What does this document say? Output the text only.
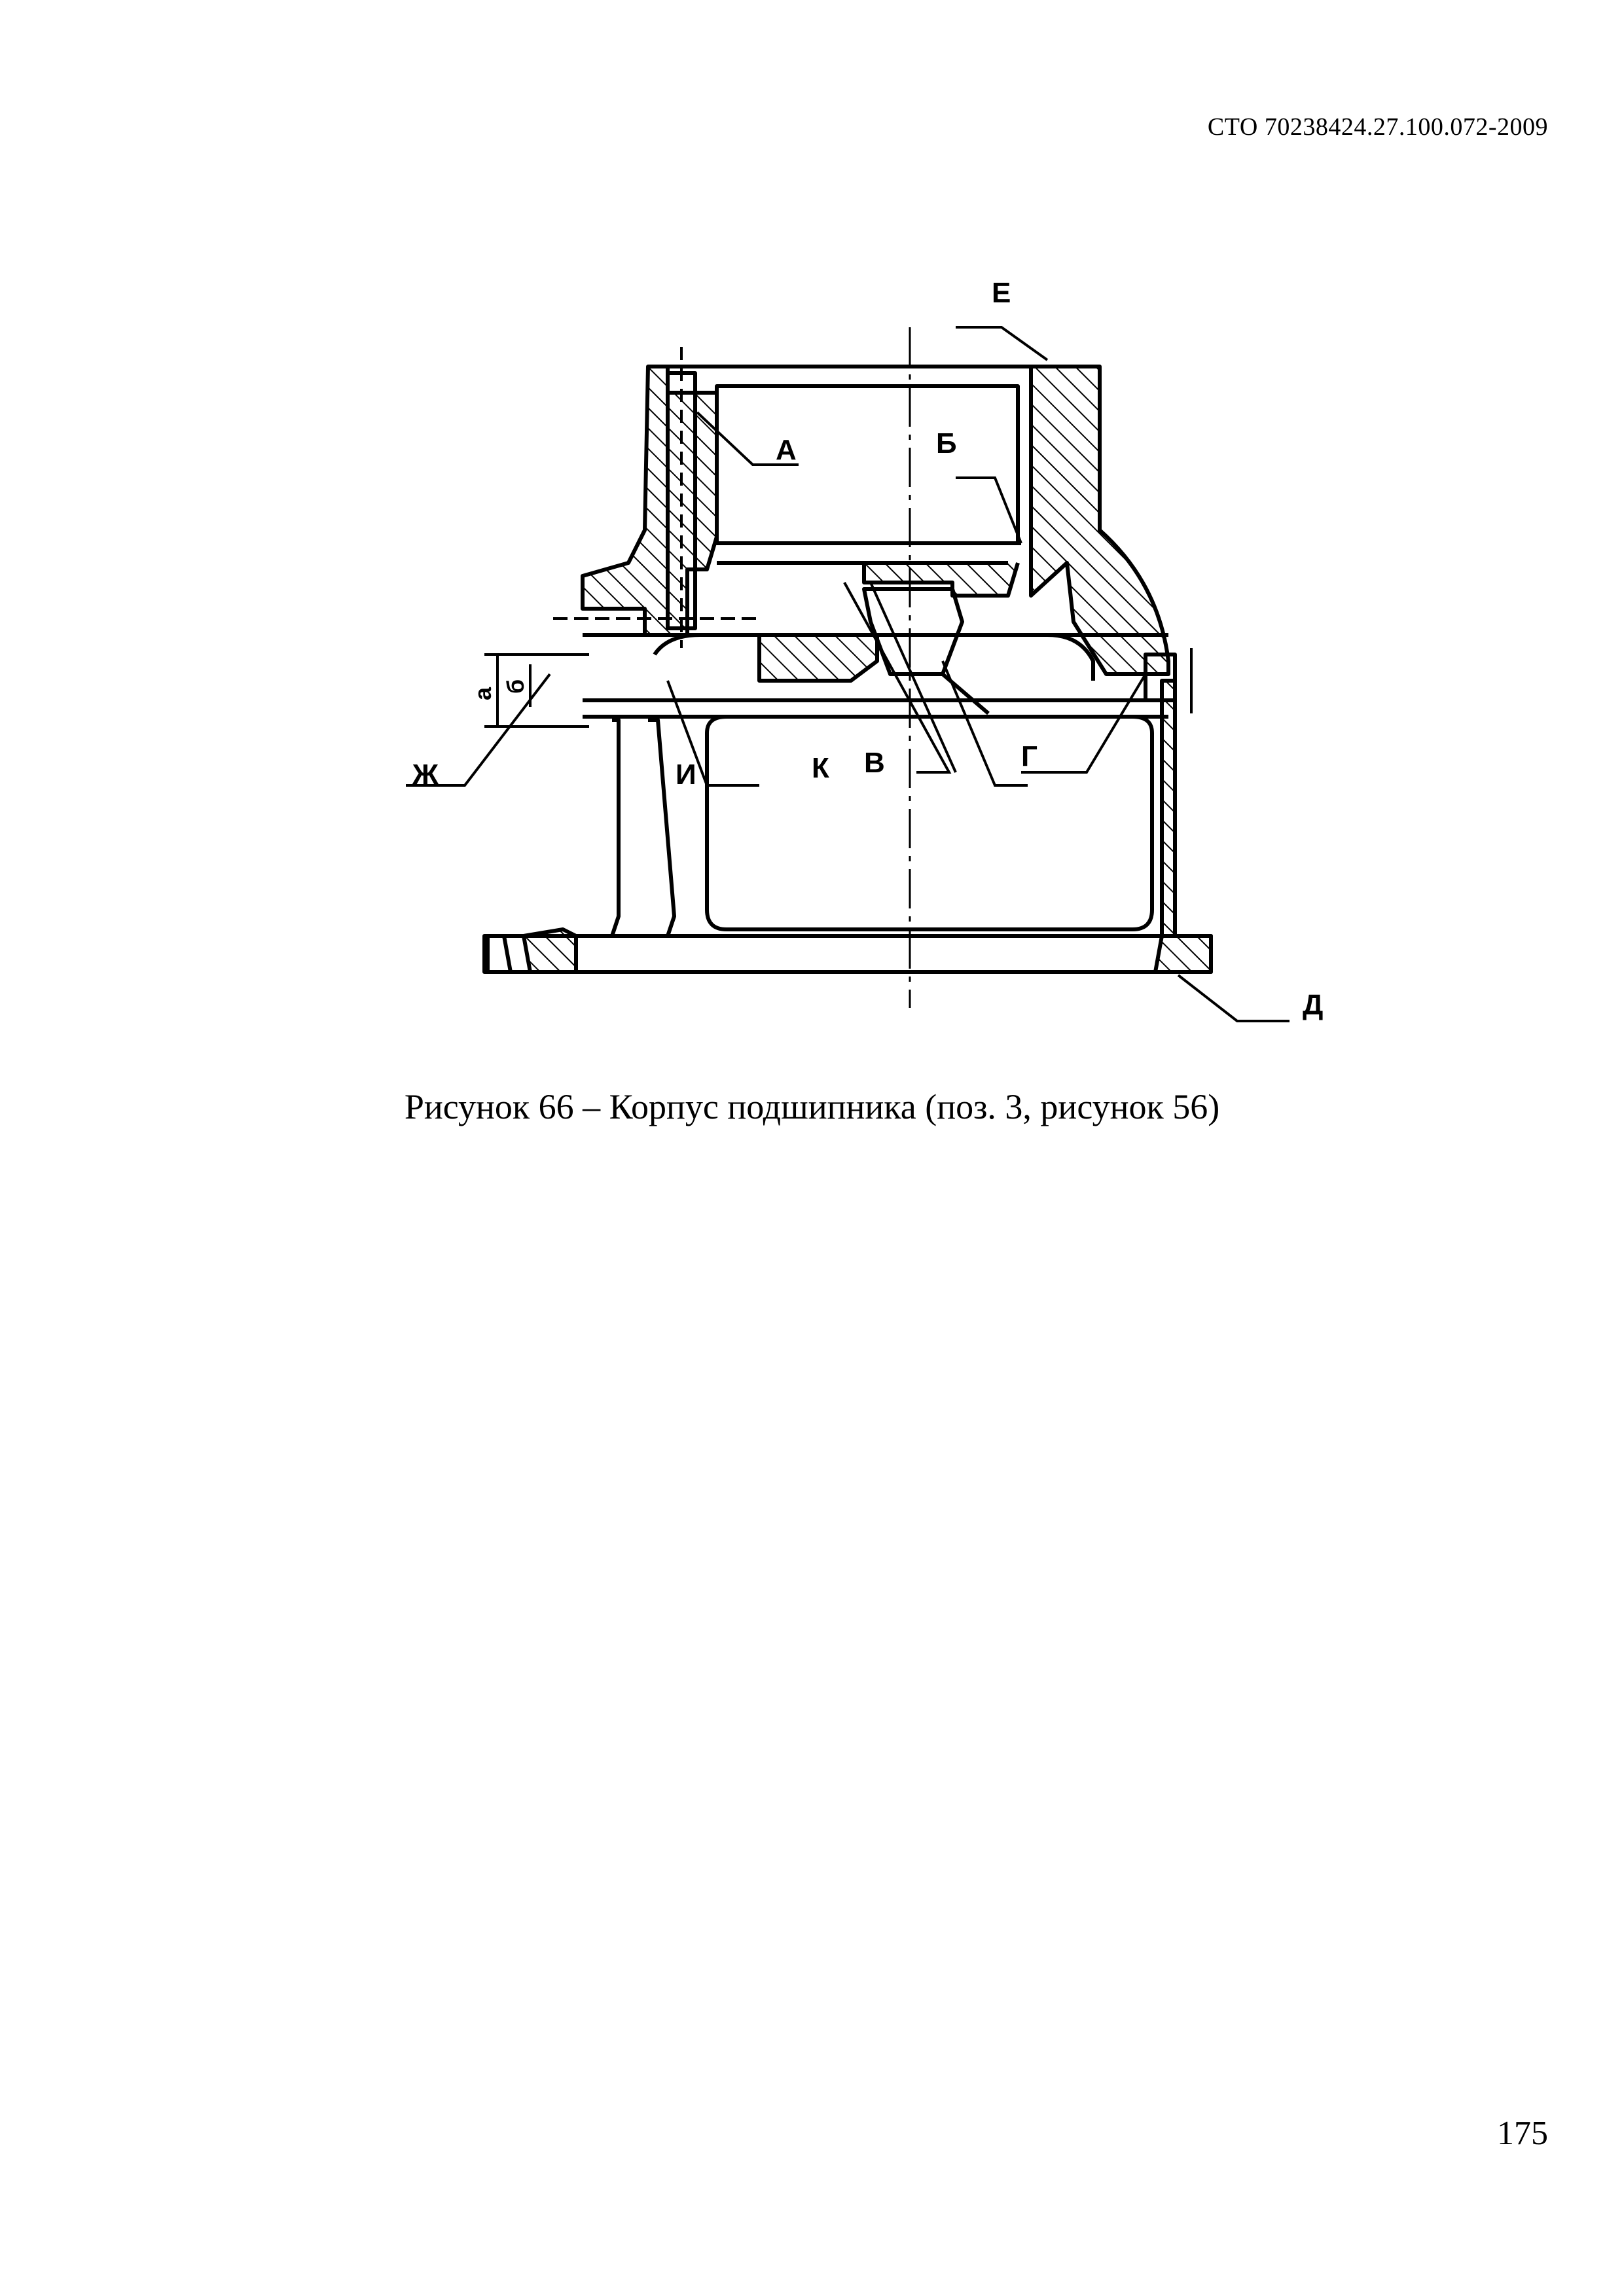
СТО 70238424.27.100.072-2009
Е
А	Б
К В	Г
И
Ж
Д
а б
Рисунок 66 – Корпус подшипника (поз. 3, рисунок 56)
175
